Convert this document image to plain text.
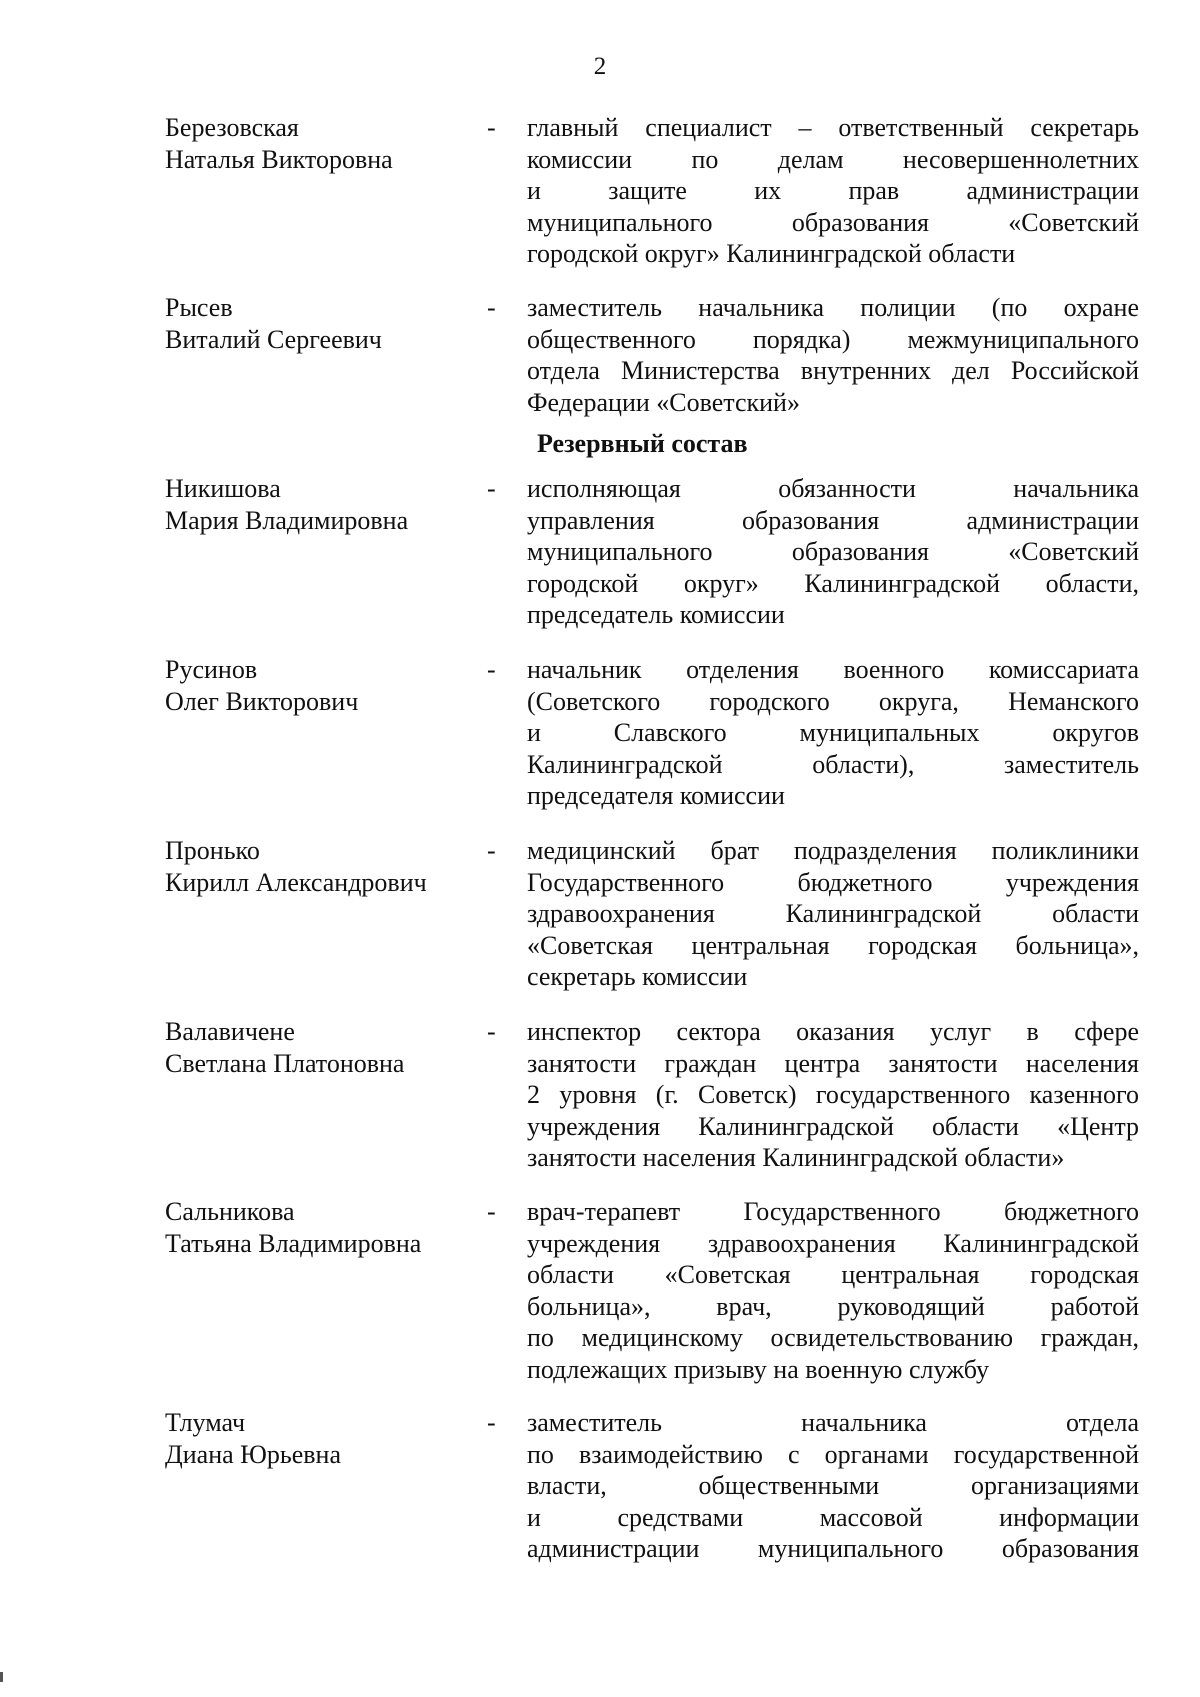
2
Березовская
Наталья Викторовна
- главный специалист – ответственный секретарь
комиссии по делам несовершеннолетних
и защите их прав администрации
муниципального образования «Советский
городской округ» Калининградской области
Рысев
Виталий Сергеевич
- заместитель начальника полиции (по охране
общественного порядка) межмуниципального
отдела Министерства внутренних дел Российской
Федерации «Советский»
Резервный состав
Никишова
Мария Владимировна
- исполняющая обязанности начальника
управления образования администрации
муниципального образования «Советский
городской округ» Калининградской области,
председатель комиссии
Русинов
Олег Викторович
- начальник отделения военного комиссариата
(Советского городского округа, Неманского
и Славского муниципальных округов
Калининградской области), заместитель
председателя комиссии
Пронько
Кирилл Александрович
- медицинский брат подразделения поликлиники
Государственного бюджетного учреждения
здравоохранения Калининградской области
«Советская центральная городская больница»,
секретарь комиссии
Валавичене
Светлана Платоновна
- инспектор сектора оказания услуг в сфере
занятости граждан центра занятости населения
2 уровня (г. Советск) государственного казенного
учреждения Калининградской области «Центр
занятости населения Калининградской области»
Сальникова
Татьяна Владимировна
- врач-терапевт Государственного бюджетного
учреждения здравоохранения Калининградской
области «Советская центральная городская
больница», врач, руководящий работой
по медицинскому освидетельствованию граждан,
подлежащих призыву на военную службу
Тлумач
Диана Юрьевна
- заместитель начальника отдела
по взаимодействию с органами государственной
власти, общественными организациями
и средствами массовой информации
администрации муниципального образования
